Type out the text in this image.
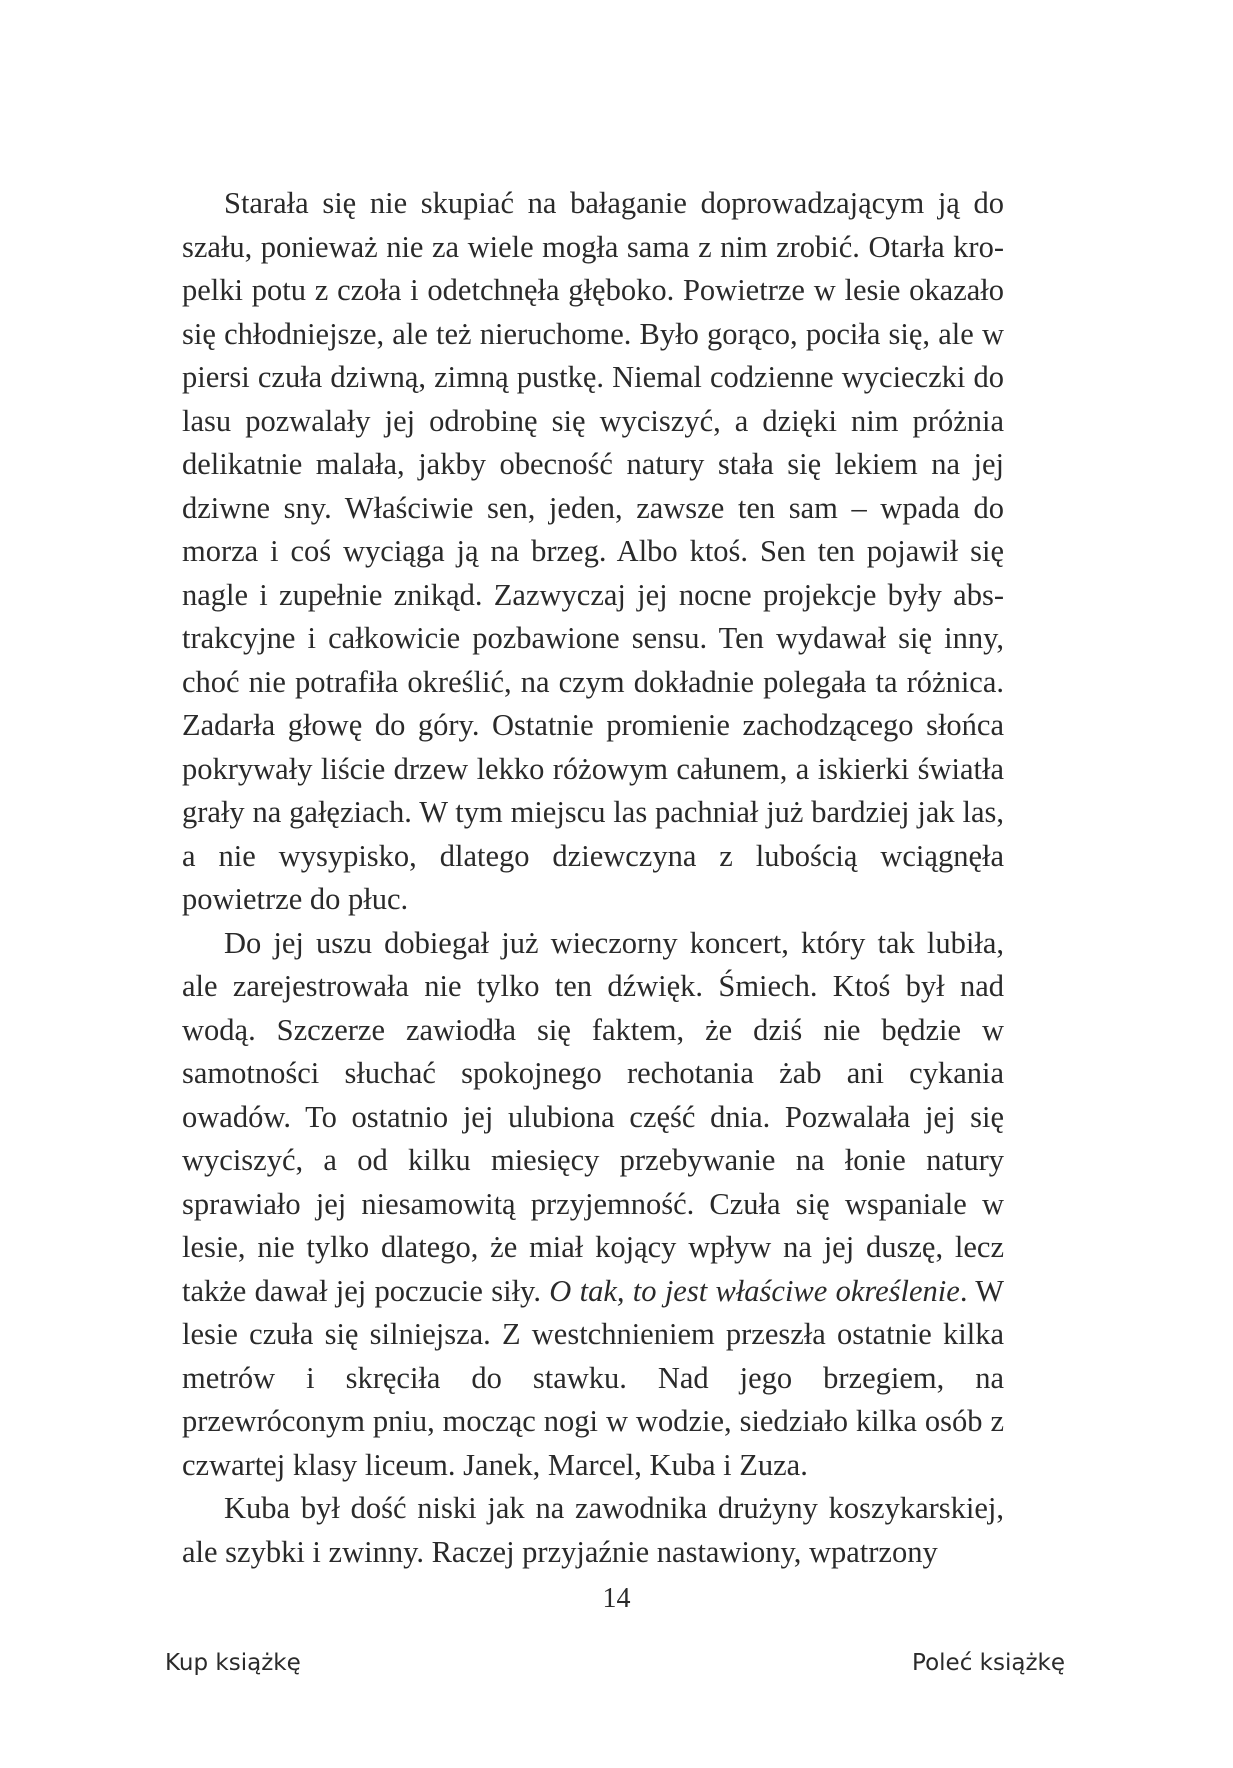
Starała się nie skupiać na bałaganie doprowadzającym ją do szału, ponieważ nie za wiele mogła sama z nim zrobić. Otarła kropelki potu z czoła i odetchnęła głęboko. Powietrze w lesie okazało się chłodniejsze, ale też nieruchome. Było gorąco, pociła się, ale w piersi czuła dziwną, zimną pustkę. Niemal codzienne wycieczki do lasu pozwalały jej odrobinę się wyciszyć, a dzięki nim próżnia delikatnie malała, jakby obecność natury stała się lekiem na jej dziwne sny. Właściwie sen, jeden, zawsze ten sam – wpada do morza i coś wyciąga ją na brzeg. Albo ktoś. Sen ten pojawił się nagle i zupełnie znikąd. Zazwyczaj jej nocne projekcje były abstrakcyjne i całkowicie pozbawione sensu. Ten wydawał się inny, choć nie potrafiła określić, na czym dokładnie polegała ta różnica. Zadarła głowę do góry. Ostatnie promienie zachodzącego słońca pokrywały liście drzew lekko różowym całunem, a iskierki światła grały na gałęziach. W tym miejscu las pachniał już bardziej jak las, a nie wysypisko, dlatego dziewczyna z lubością wciągnęła powietrze do płuc.

Do jej uszu dobiegał już wieczorny koncert, który tak lubiła, ale zarejestrowała nie tylko ten dźwięk. Śmiech. Ktoś był nad wodą. Szczerze zawiodła się faktem, że dziś nie będzie w samotności słuchać spokojnego rechotania żab ani cykania owadów. To ostatnio jej ulubiona część dnia. Pozwalała jej się wyciszyć, a od kilku miesięcy przebywanie na łonie natury sprawiało jej niesamowitą przyjemność. Czuła się wspaniale w lesie, nie tylko dlatego, że miał kojący wpływ na jej duszę, lecz także dawał jej poczucie siły. O tak, to jest właściwe określenie. W lesie czuła się silniejsza. Z westchnieniem przeszła ostatnie kilka metrów i skręciła do stawku. Nad jego brzegiem, na przewróconym pniu, mocząc nogi w wodzie, siedziało kilka osób z czwartej klasy liceum. Janek, Marcel, Kuba i Zuza.

Kuba był dość niski jak na zawodnika drużyny koszykarskiej, ale szybki i zwinny. Raczej przyjaźnie nastawiony, wpatrzony

14
Kup książkę	Poleć książkę
